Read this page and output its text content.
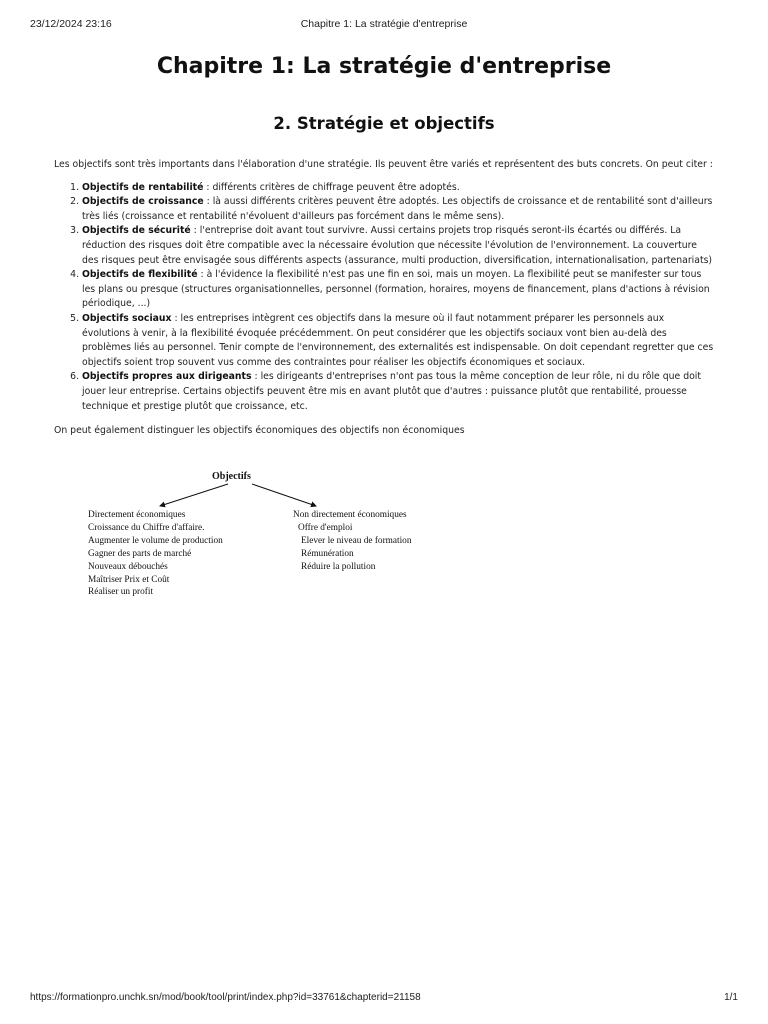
23/12/2024 23:16	Chapitre 1: La stratégie d'entreprise
Chapitre 1: La stratégie d'entreprise
2. Stratégie et objectifs

Les objectifs sont très importants dans l'élaboration d'une stratégie. Ils peuvent être variés et représentent des buts concrets. On peut citer :

1. Objectifs de rentabilité : différents critères de chiffrage peuvent être adoptés.
2. Objectifs de croissance : là aussi différents critères peuvent être adoptés. Les objectifs de croissance et de rentabilité sont d'ailleurs très liés (croissance et rentabilité n'évoluent d'ailleurs pas forcément dans le même sens).
3. Objectifs de sécurité : l'entreprise doit avant tout survivre. Aussi certains projets trop risqués seront-ils écartés ou différés. La réduction des risques doit être compatible avec la nécessaire évolution que nécessite l'évolution de l'environnement. La couverture des risques peut être envisagée sous différents aspects (assurance, multi production, diversification, internationalisation, partenariats)
4. Objectifs de flexibilité : à l'évidence la flexibilité n'est pas une fin en soi, mais un moyen. La flexibilité peut se manifester sur tous les plans ou presque (structures organisationnelles, personnel (formation, horaires, moyens de financement, plans d'actions à révision périodique, ...)
5. Objectifs sociaux : les entreprises intègrent ces objectifs dans la mesure où il faut notamment préparer les personnels aux évolutions à venir, à la flexibilité évoquée précédemment. On peut considérer que les objectifs sociaux vont bien au-delà des problèmes liés au personnel. Tenir compte de l'environnement, des externalités est indispensable. On doit cependant regretter que ces objectifs soient trop souvent vus comme des contraintes pour réaliser les objectifs économiques et sociaux.
6. Objectifs propres aux dirigeants : les dirigeants d'entreprises n'ont pas tous la même conception de leur rôle, ni du rôle que doit jouer leur entreprise. Certains objectifs peuvent être mis en avant plutôt que d'autres : puissance plutôt que rentabilité, prouesse technique et prestige plutôt que croissance, etc.

On peut également distinguer les objectifs économiques des objectifs non économiques

Objectifs
Directement économiques
Croissance du Chiffre d'affaire.
Augmenter le volume de production
Gagner des parts de marché
Nouveaux débouchés
Maîtriser Prix et Coût
Réaliser un profit
Non directement économiques
Offre d'emploi
Elever le niveau de formation
Rémunération
Réduire la pollution
https://formationpro.unchk.sn/mod/book/tool/print/index.php?id=33761&chapterid=21158	1/1
